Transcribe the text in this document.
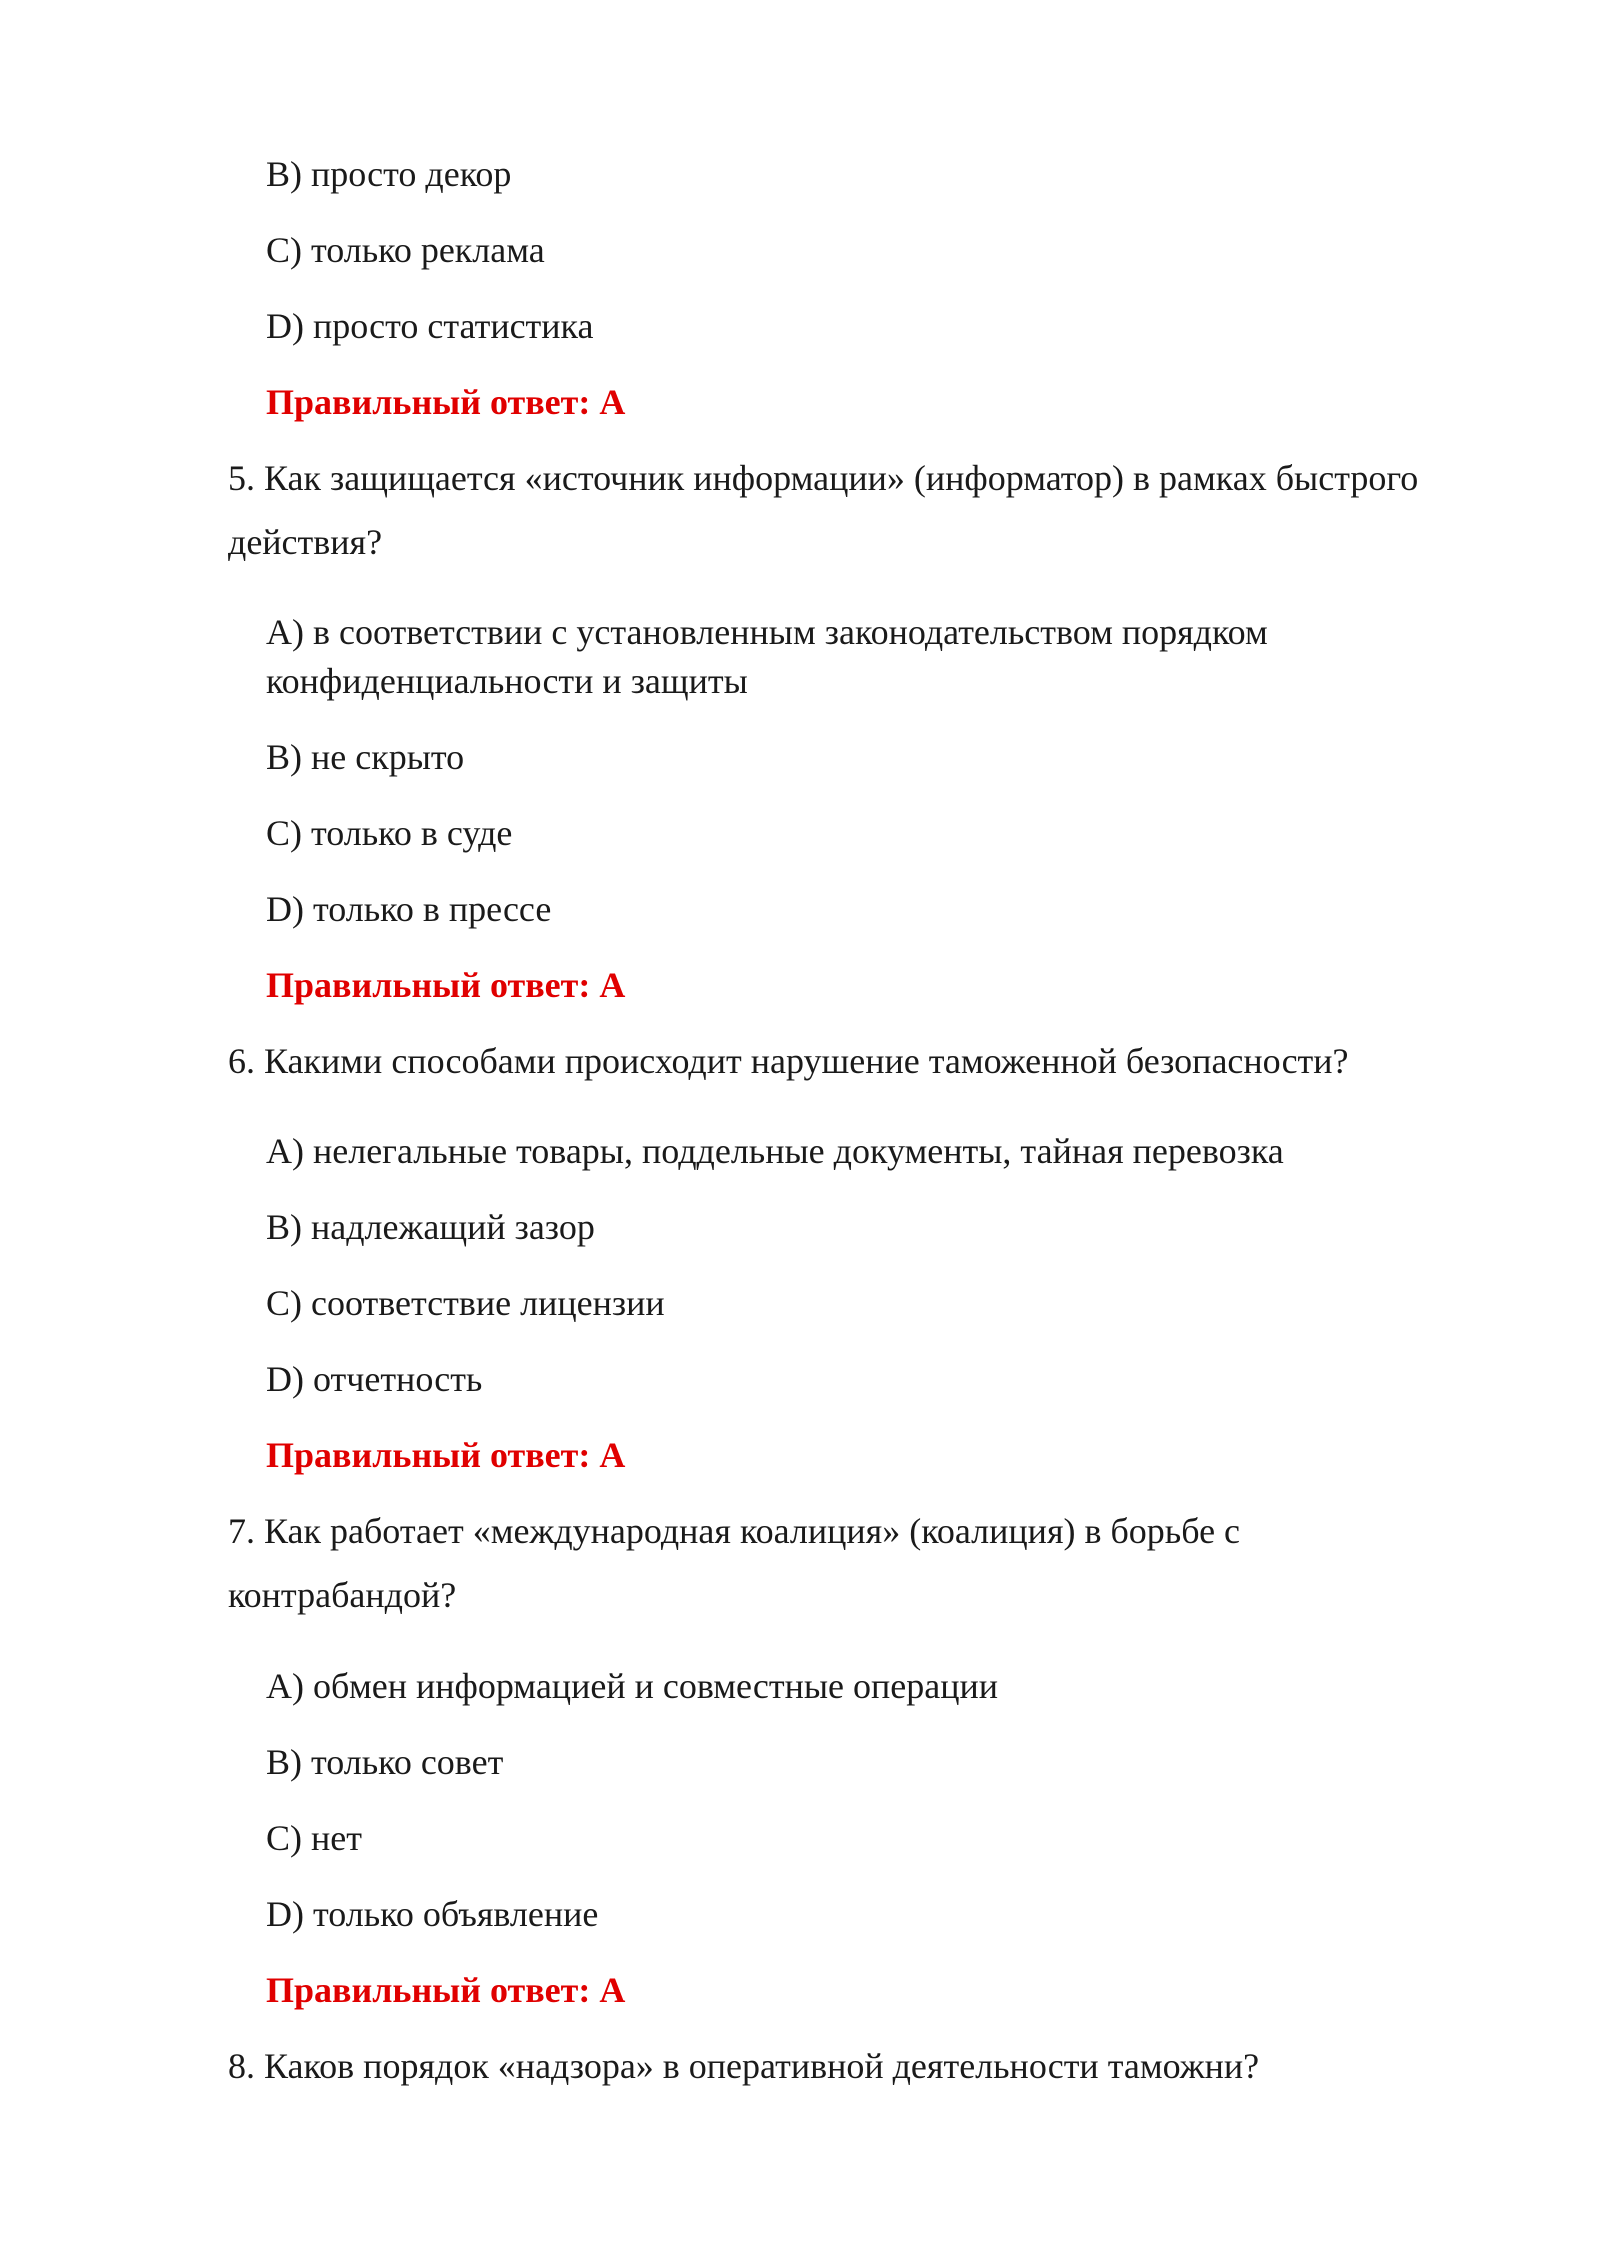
B) просто декор
C) только реклама
D) просто статистика
Правильный ответ: А
5. Как защищается «источник информации» (информатор) в рамках быстрого
действия?
А) в соответствии с установленным законодательством порядком
конфиденциальности и защиты
B) не скрыто
C) только в суде
D) только в прессе
Правильный ответ: А
6. Какими способами происходит нарушение таможенной безопасности?
А) нелегальные товары, поддельные документы, тайная перевозка
B) надлежащий зазор
C) соответствие лицензии
D) отчетность
Правильный ответ: А
7. Как работает «международная коалиция» (коалиция) в борьбе с
контрабандой?
А) обмен информацией и совместные операции
B) только совет
C) нет
D) только объявление
Правильный ответ: А
8. Каков порядок «надзора» в оперативной деятельности таможни?
